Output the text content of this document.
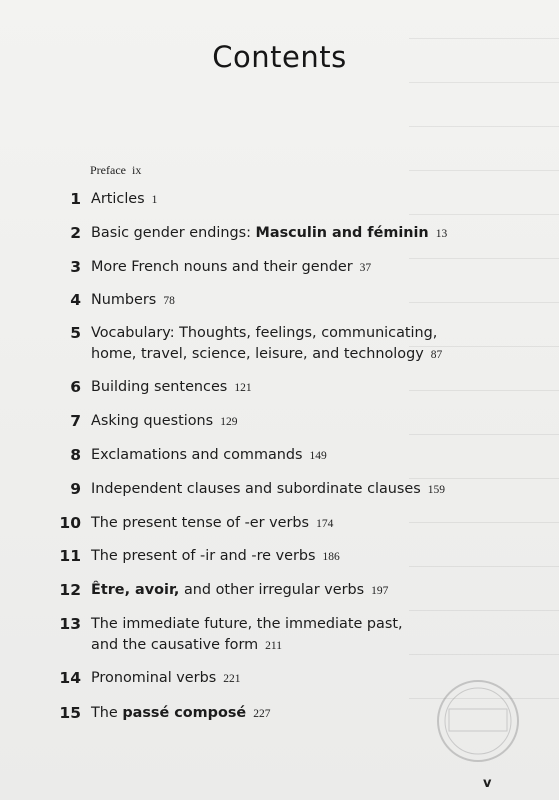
Contents
Preface ix
1 Articles 1
2 Basic gender endings: Masculin and féminin 13
3 More French nouns and their gender 37
4 Numbers 78
5 Vocabulary: Thoughts, feelings, communicating,
home, travel, science, leisure, and technology 87
6 Building sentences 121
7 Asking questions 129
8 Exclamations and commands 149
9 Independent clauses and subordinate clauses 159
10 The present tense of -er verbs 174
11 The present of -ir and -re verbs 186
12 Être, avoir, and other irregular verbs 197
13 The immediate future, the immediate past,
and the causative form 211
14 Pronominal verbs 221
15 The passé composé 227
v
